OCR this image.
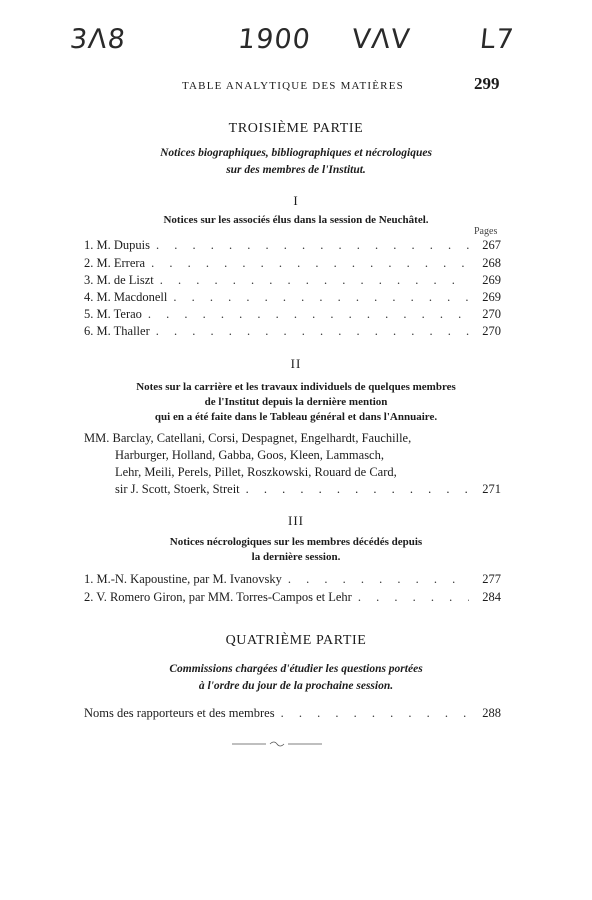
3Λ8	1900 VΛV L7
TABLE ANALYTIQUE DES MATIÈRES	299
TROISIÈME PARTIE
Notices biographiques, bibliographiques et nécrologiques
sur des membres de l'Institut.
I
Notices sur les associés élus dans la session de Neuchâtel.
Pages
1. M. Dupuis . . .	267
2. M. Errera . . .	268
3. M. de Liszt . . .	269
4. M. Macdonell . . .	269
5. M. Terao . . .	270
6. M. Thaller . . .	270
II
Notes sur la carrière et les travaux individuels de quelques membres
de l'Institut depuis la dernière mention
qui en a été faite dans le Tableau général et dans l'Annuaire.
MM. Barclay, Catellani, Corsi, Despagnet, Engelhardt, Fauchille,
Harburger, Holland, Gabba, Goos, Kleen, Lammasch,
Lehr, Meili, Perels, Pillet, Roszkowski, Rouard de Card,
sir J. Scott, Stoerk, Streit . . .	271
III
Notices nécrologiques sur les membres décédés depuis
la dernière session.
1. M.-N. Kapoustine, par M. Ivanovsky . . .	277
2. V. Romero Giron, par MM. Torres-Campos et Lehr . . .	284
QUATRIÈME PARTIE
Commissions chargées d'étudier les questions portées
à l'ordre du jour de la prochaine session.
Noms des rapporteurs et des membres . . .	288
